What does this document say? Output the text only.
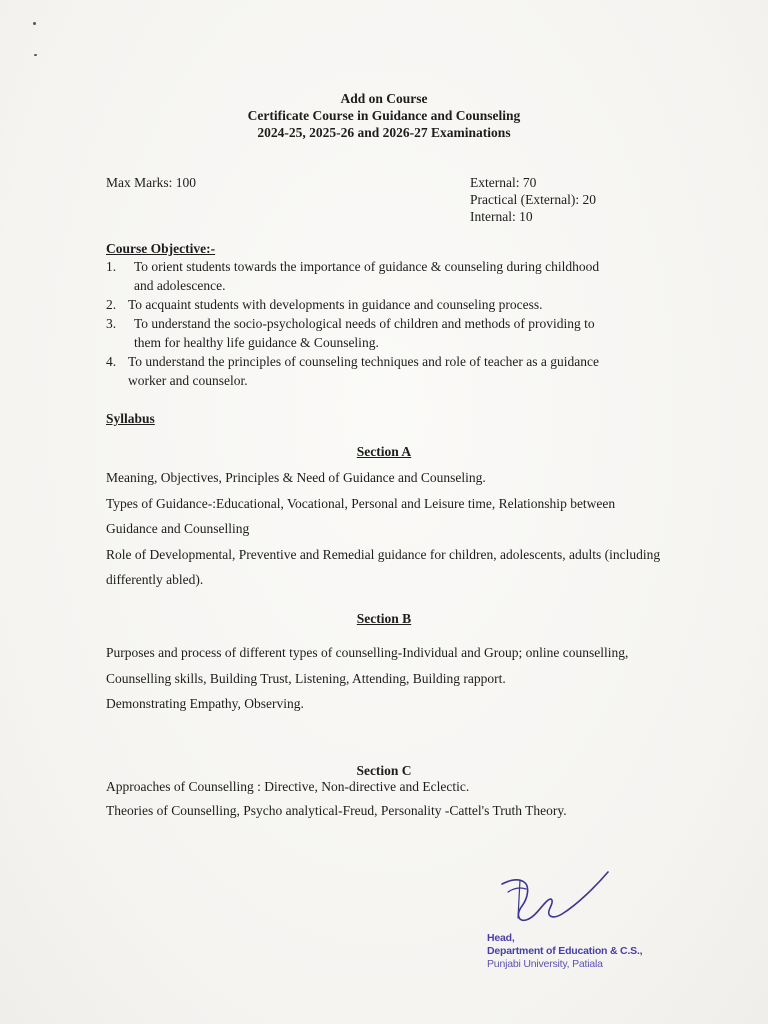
Add on Course
Certificate Course in Guidance and Counseling
2024-25, 2025-26 and 2026-27 Examinations
Max Marks: 100	External: 70
Practical (External): 20
Internal: 10
Course Objective:-
1.	To orient students towards the importance of guidance & counseling during childhood and adolescence.
2. To acquaint students with developments in guidance and counseling process.
3.	To understand the socio-psychological needs of children and methods of providing to them for healthy life guidance & Counseling.
4. To understand the principles of counseling techniques and role of teacher as a guidance worker and counselor.
Syllabus
Section A

Meaning, Objectives, Principles & Need of Guidance and Counseling.

Types of Guidance-:Educational, Vocational, Personal and Leisure time, Relationship between Guidance and Counselling

Role of Developmental, Preventive and Remedial guidance for children, adolescents, adults (including differently abled).

Section B

Purposes and process of different types of counselling-Individual and Group; online counselling,

Counselling skills, Building Trust, Listening, Attending, Building rapport.

Demonstrating Empathy, Observing.

Section C

Approaches of Counselling : Directive, Non-directive and Eclectic.

Theories of Counselling, Psycho analytical-Freud, Personality -Cattel's Truth Theory.

Head,
Department of Education & C.S.,
Punjabi University, Patiala
